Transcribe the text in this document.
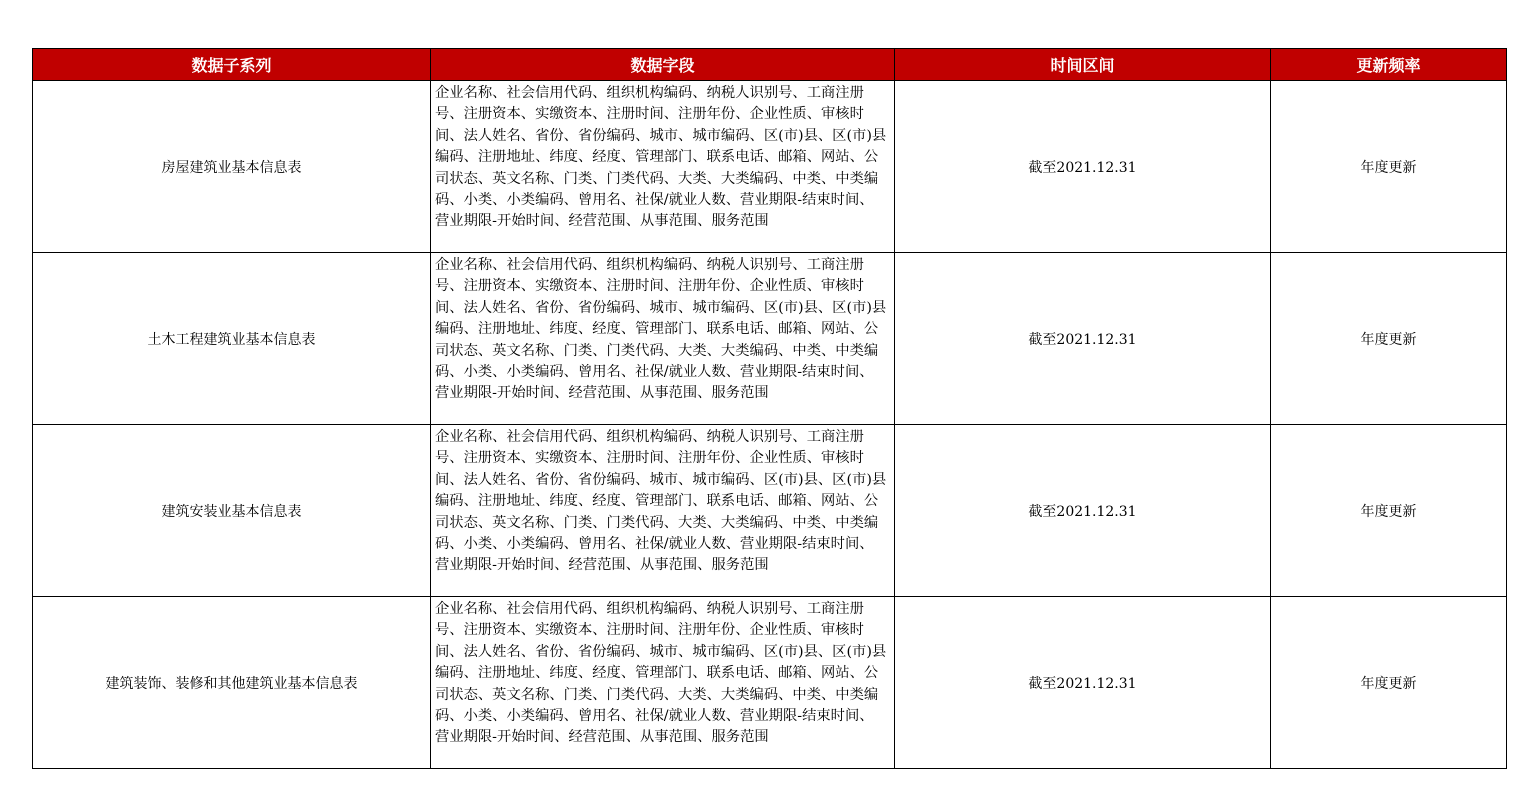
数据子系列	数据字段	时间区间	更新频率
房屋建筑业基本信息表	企业名称、社会信用代码、组织机构编码、纳税人识别号、工商注册号、注册资本、实缴资本、注册时间、注册年份、企业性质、审核时间、法人姓名、省份、省份编码、城市、城市编码、区(市)县、区(市)县编码、注册地址、纬度、经度、管理部门、联系电话、邮箱、网站、公司状态、英文名称、门类、门类代码、大类、大类编码、中类、中类编码、小类、小类编码、曾用名、社保/就业人数、营业期限-结束时间、营业期限-开始时间、经营范围、从事范围、服务范围	截至2021.12.31	年度更新
土木工程建筑业基本信息表	企业名称、社会信用代码、组织机构编码、纳税人识别号、工商注册号、注册资本、实缴资本、注册时间、注册年份、企业性质、审核时间、法人姓名、省份、省份编码、城市、城市编码、区(市)县、区(市)县编码、注册地址、纬度、经度、管理部门、联系电话、邮箱、网站、公司状态、英文名称、门类、门类代码、大类、大类编码、中类、中类编码、小类、小类编码、曾用名、社保/就业人数、营业期限-结束时间、营业期限-开始时间、经营范围、从事范围、服务范围	截至2021.12.31	年度更新
建筑安装业基本信息表	企业名称、社会信用代码、组织机构编码、纳税人识别号、工商注册号、注册资本、实缴资本、注册时间、注册年份、企业性质、审核时间、法人姓名、省份、省份编码、城市、城市编码、区(市)县、区(市)县编码、注册地址、纬度、经度、管理部门、联系电话、邮箱、网站、公司状态、英文名称、门类、门类代码、大类、大类编码、中类、中类编码、小类、小类编码、曾用名、社保/就业人数、营业期限-结束时间、营业期限-开始时间、经营范围、从事范围、服务范围	截至2021.12.31	年度更新
建筑装饰、装修和其他建筑业基本信息表	企业名称、社会信用代码、组织机构编码、纳税人识别号、工商注册号、注册资本、实缴资本、注册时间、注册年份、企业性质、审核时间、法人姓名、省份、省份编码、城市、城市编码、区(市)县、区(市)县编码、注册地址、纬度、经度、管理部门、联系电话、邮箱、网站、公司状态、英文名称、门类、门类代码、大类、大类编码、中类、中类编码、小类、小类编码、曾用名、社保/就业人数、营业期限-结束时间、营业期限-开始时间、经营范围、从事范围、服务范围	截至2021.12.31	年度更新
